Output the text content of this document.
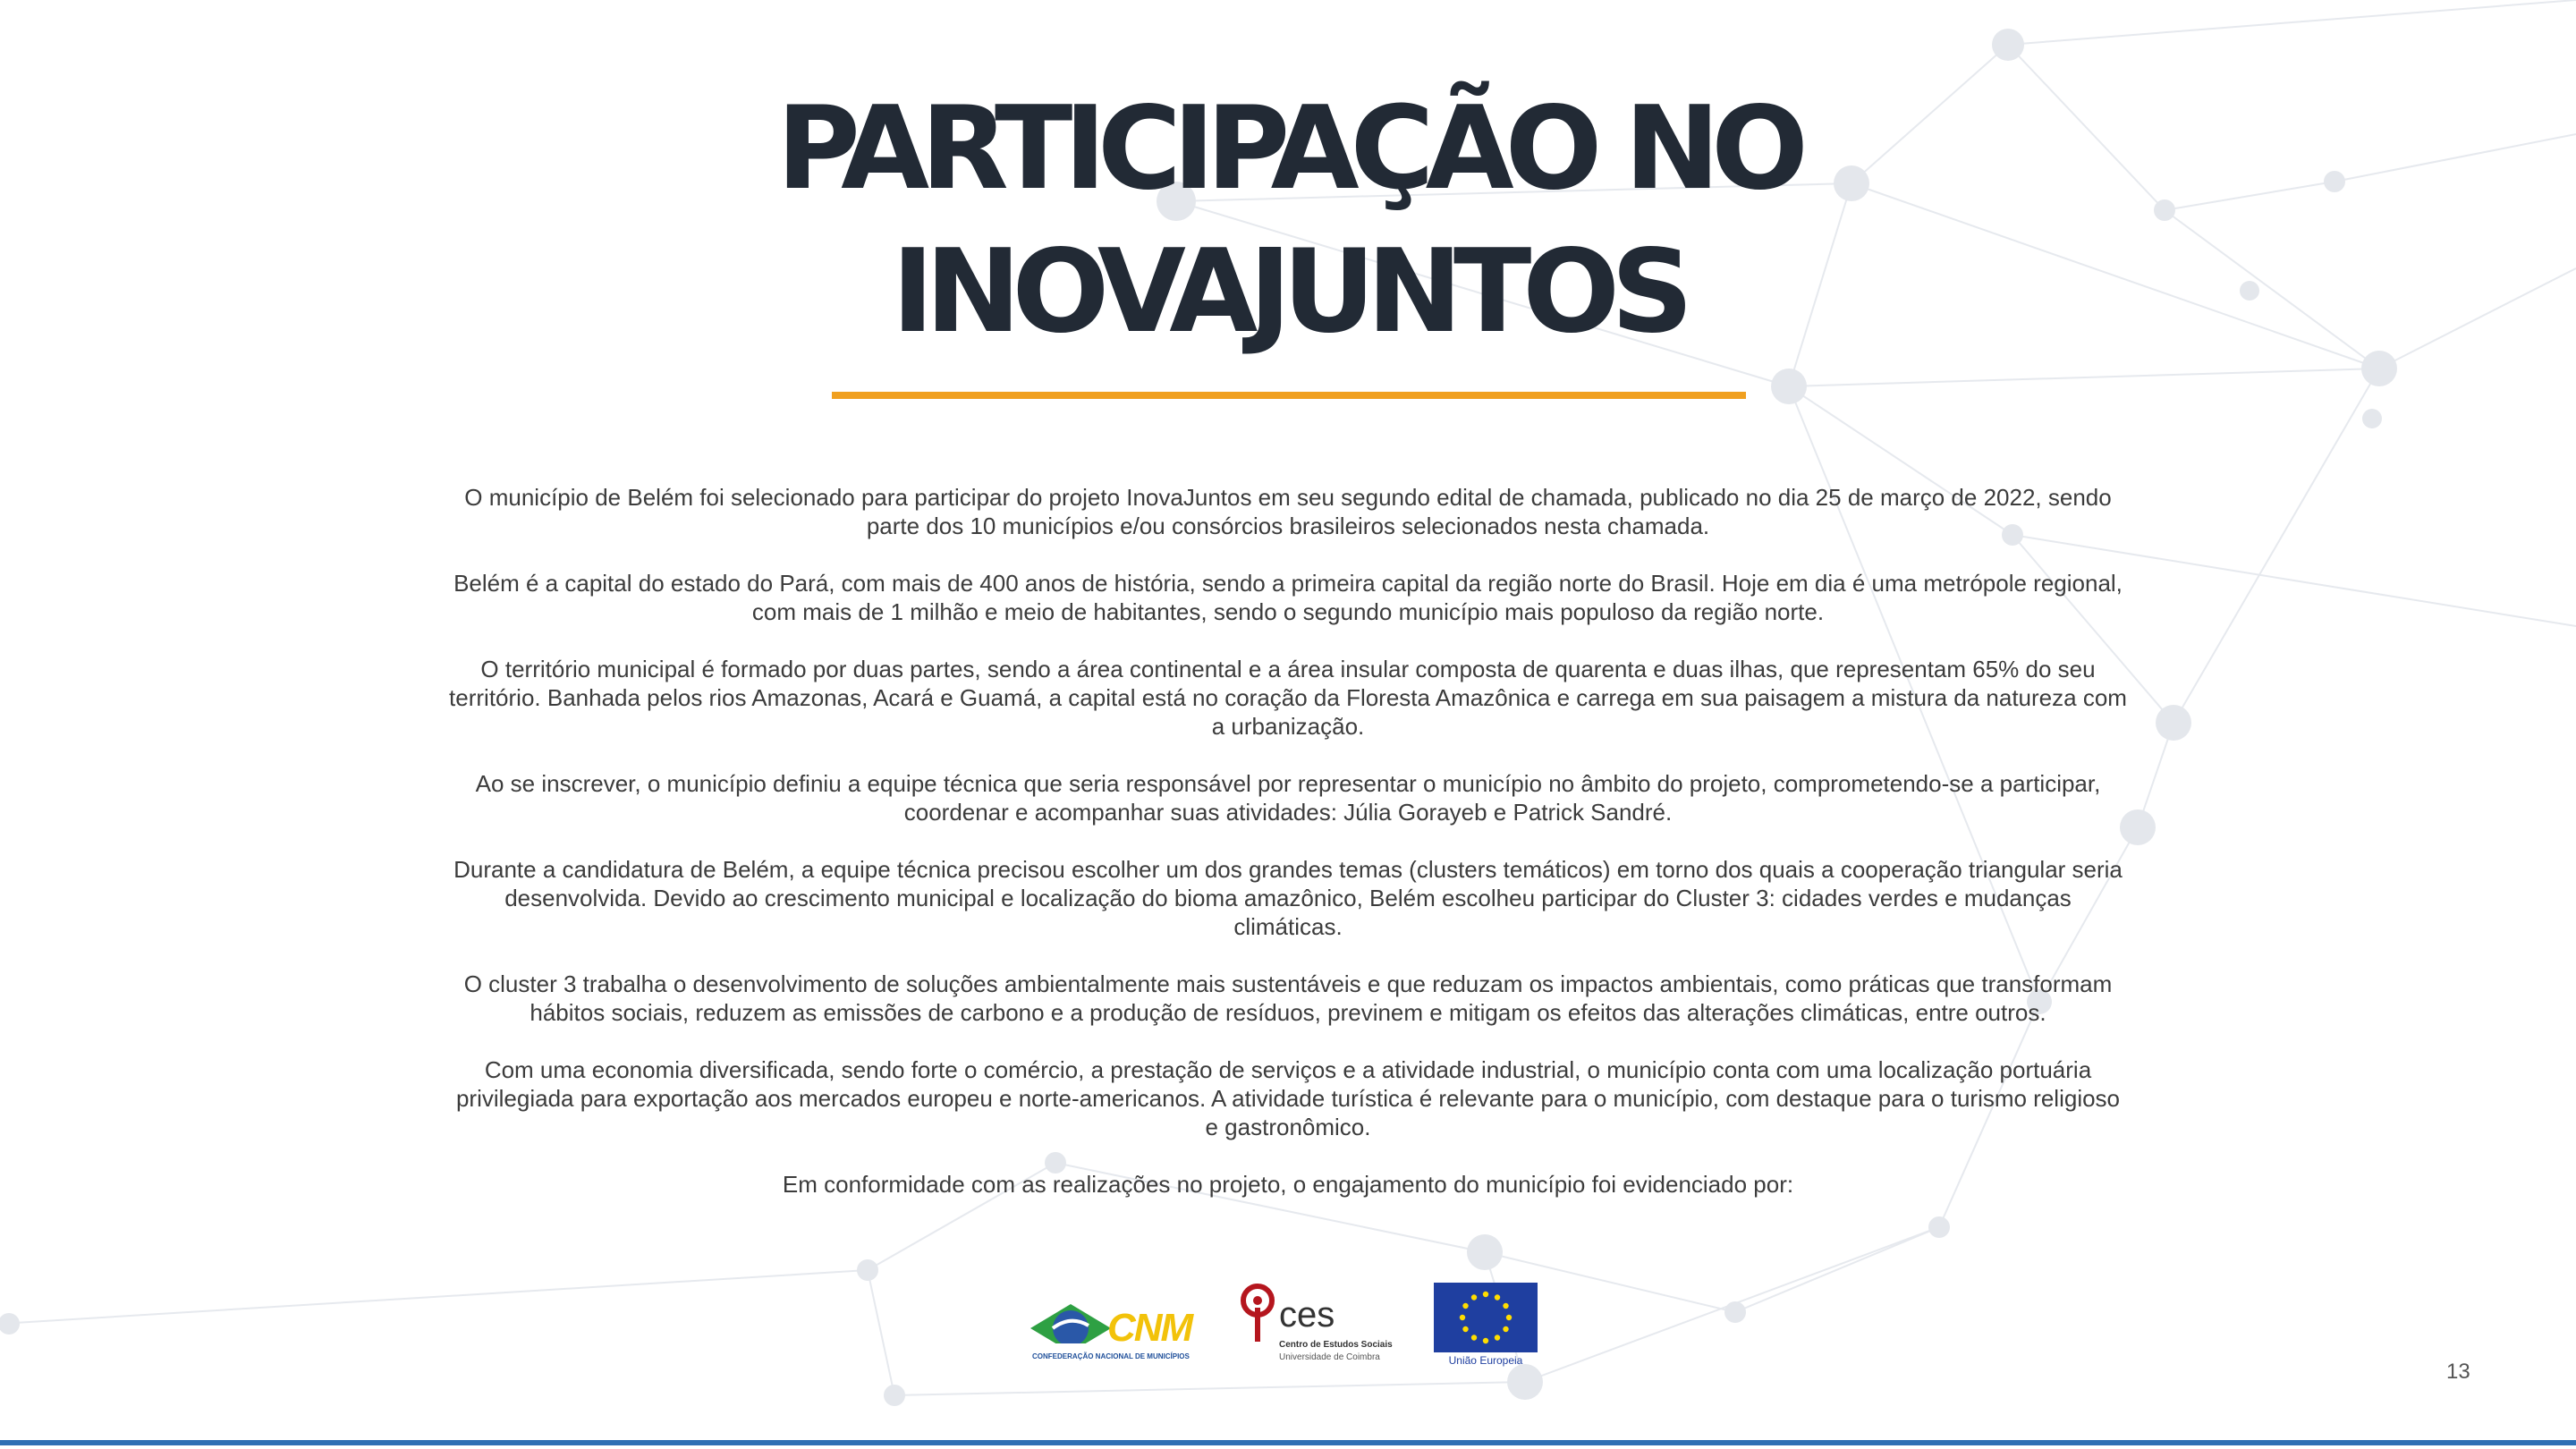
PARTICIPAÇÃO NO
INOVAJUNTOS

O município de Belém foi selecionado para participar do projeto InovaJuntos em seu segundo edital de chamada, publicado no dia 25 de março de 2022, sendo parte dos 10 municípios e/ou consórcios brasileiros selecionados nesta chamada.

Belém é a capital do estado do Pará, com mais de 400 anos de história, sendo a primeira capital da região norte do Brasil. Hoje em dia é uma metrópole regional, com mais de 1 milhão e meio de habitantes, sendo o segundo município mais populoso da região norte.

O território municipal é formado por duas partes, sendo a área continental e a área insular composta de quarenta e duas ilhas, que representam 65% do seu território. Banhada pelos rios Amazonas, Acará e Guamá, a capital está no coração da Floresta Amazônica e carrega em sua paisagem a mistura da natureza com a urbanização.

Ao se inscrever, o município definiu a equipe técnica que seria responsável por representar o município no âmbito do projeto, comprometendo-se a participar, coordenar e acompanhar suas atividades: Júlia Gorayeb e Patrick Sandré.

Durante a candidatura de Belém, a equipe técnica precisou escolher um dos grandes temas (clusters temáticos) em torno dos quais a cooperação triangular seria desenvolvida. Devido ao crescimento municipal e localização do bioma amazônico, Belém escolheu participar do Cluster 3: cidades verdes e mudanças climáticas.

O cluster 3 trabalha o desenvolvimento de soluções ambientalmente mais sustentáveis e que reduzam os impactos ambientais, como práticas que transformam hábitos sociais, reduzem as emissões de carbono e a produção de resíduos, previnem e mitigam os efeitos das alterações climáticas, entre outros.

Com uma economia diversificada, sendo forte o comércio, a prestação de serviços e a atividade industrial, o município conta com uma localização portuária privilegiada para exportação aos mercados europeu e norte-americanos. A atividade turística é relevante para o município, com destaque para o turismo religioso e gastronômico.

Em conformidade com as realizações no projeto, o engajamento do município foi evidenciado por:

CNM
CONFEDERAÇÃO NACIONAL DE MUNICÍPIOS
ces
Centro de Estudos Sociais
Universidade de Coimbra	União Europeia	13
